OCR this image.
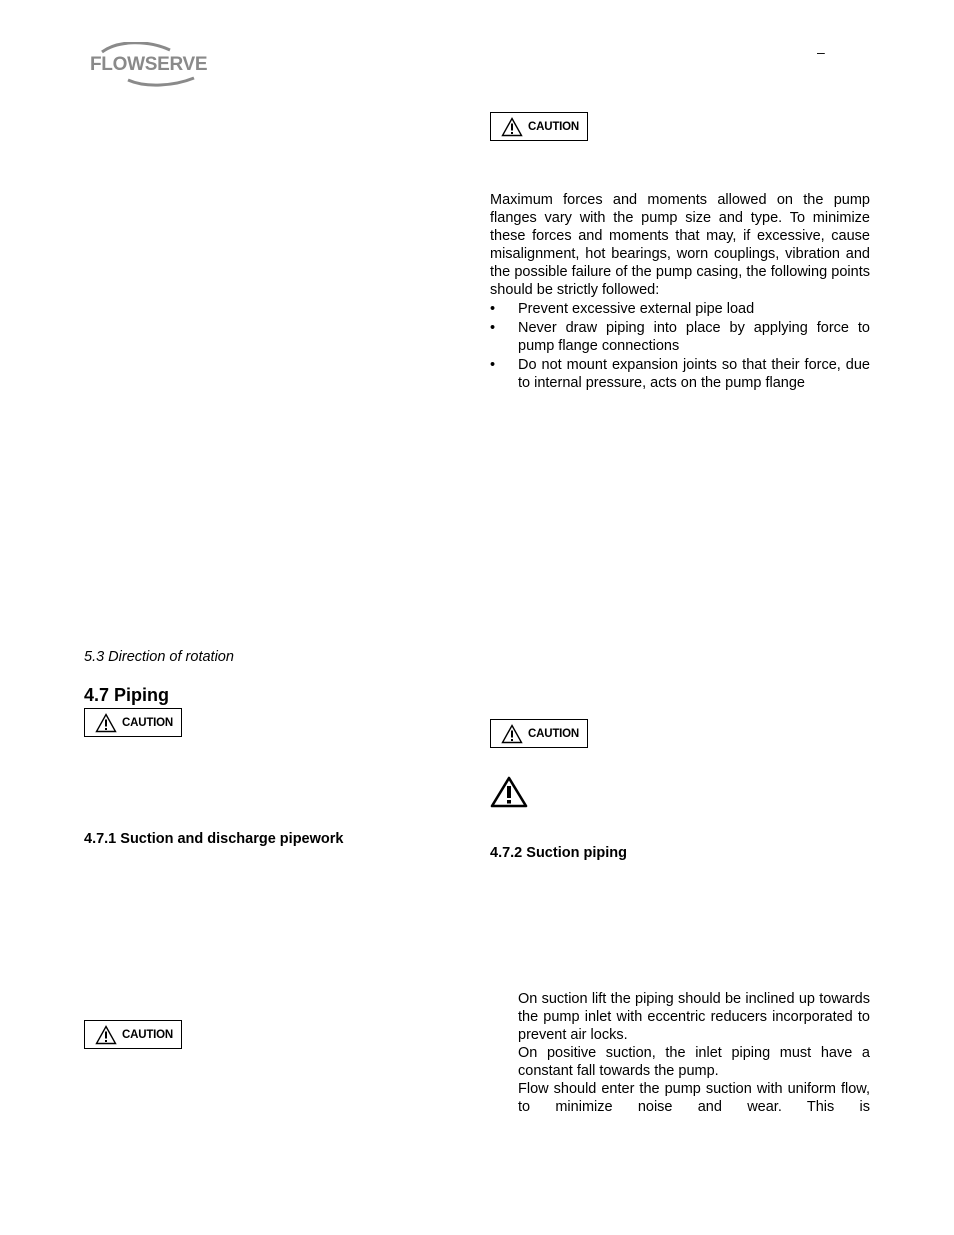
FLOWSERVE
–
CAUTION
Maximum forces and moments allowed on the pump flanges vary with the pump size and type. To minimize these forces and moments that may, if excessive, cause misalignment, hot bearings, worn couplings, vibration and the possible failure of the pump casing, the following points should be strictly followed:
• Prevent excessive external pipe load
• Never draw piping into place by applying force to pump flange connections
• Do not mount expansion joints so that their force, due to internal pressure, acts on the pump flange
5.3 Direction of rotation
4.7 Piping
CAUTION
4.7.1 Suction and discharge pipework
CAUTION
CAUTION
4.7.2 Suction piping

On suction lift the piping should be inclined up towards the pump inlet with eccentric reducers incorporated to prevent air locks.

On positive suction, the inlet piping must have a constant fall towards the pump.

Flow should enter the pump suction with uniform flow, to minimize noise and wear. This is
